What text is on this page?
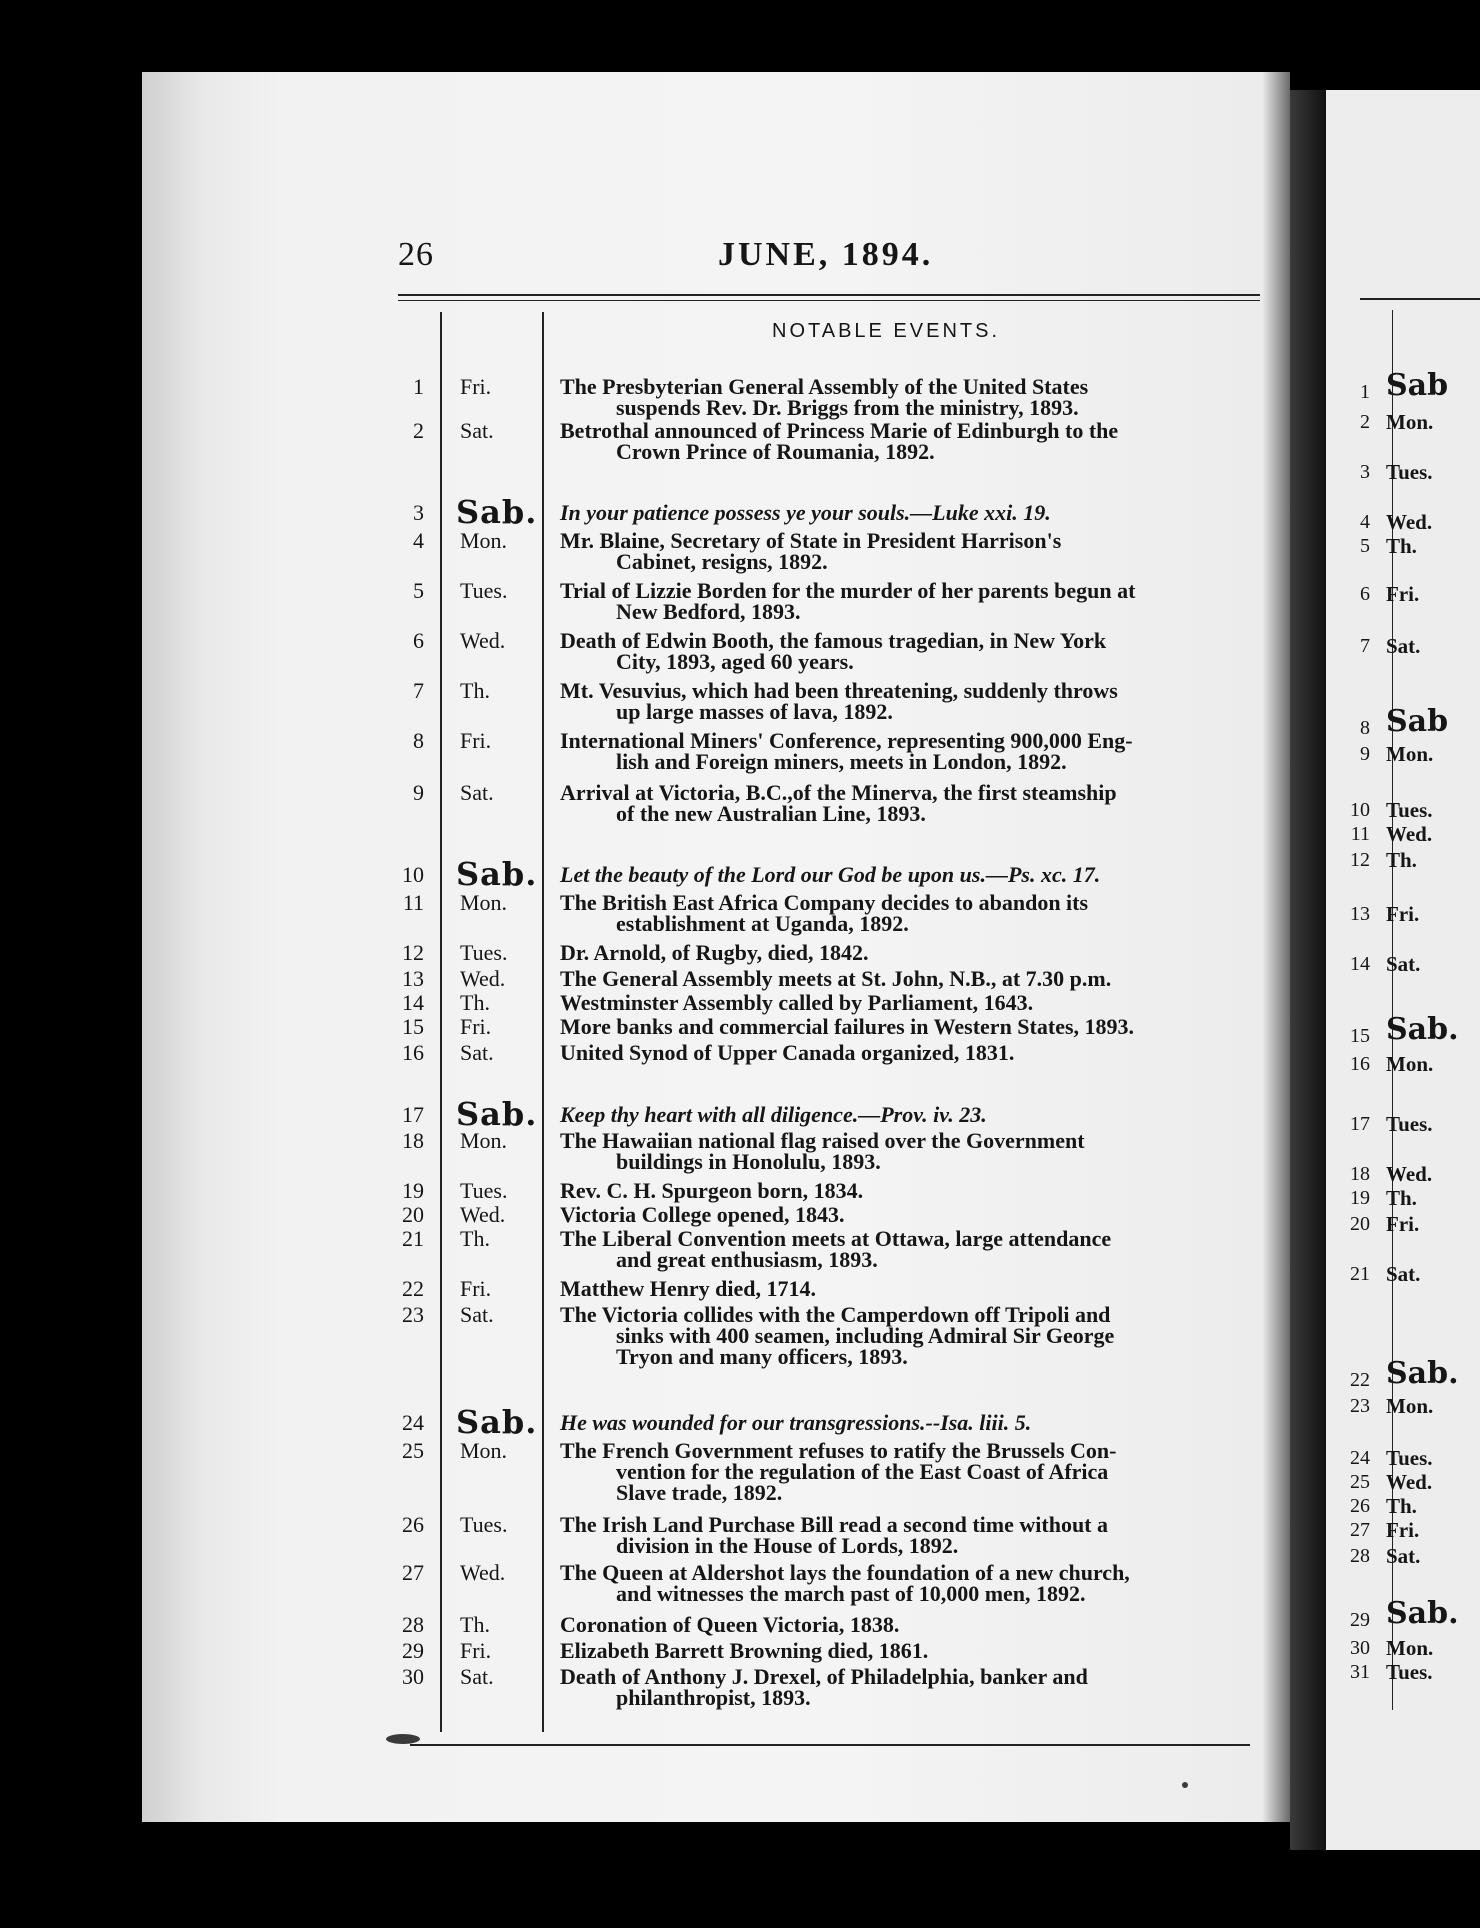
26	JUNE, 1894.
NOTABLE EVENTS.
1 Fri.	The Presbyterian General Assembly of the United States
suspends Rev. Dr. Briggs from the ministry, 1893.
2 Sat.	Betrothal announced of Princess Marie of Edinburgh to the
Crown Prince of Roumania, 1892.
3 Sab. In your patience possess ye your souls.—Luke xxi. 19.
4 Mon. Mr. Blaine, Secretary of State in President Harrison's
Cabinet, resigns, 1892.
5 Tues. Trial of Lizzie Borden for the murder of her parents begun at
New Bedford, 1893.
6 Wed. Death of Edwin Booth, the famous tragedian, in New York
City, 1893, aged 60 years.
7 Th.	Mt. Vesuvius, which had been threatening, suddenly throws
up large masses of lava, 1892.
8 Fri.	International Miners' Conference, representing 900,000 Eng-
lish and Foreign miners, meets in London, 1892.
9 Sat.	Arrival at Victoria, B.C.,of the Minerva, the first steamship
of the new Australian Line, 1893.
10 Sab. Let the beauty of the Lord our God be upon us.—Ps. xc. 17.
11 Mon. The British East Africa Company decides to abandon its
establishment at Uganda, 1892.
12 Tues. Dr. Arnold, of Rugby, died, 1842.
13 Wed. The General Assembly meets at St. John, N.B., at 7.30 p.m.
14 Th.	Westminster Assembly called by Parliament, 1643.
15 Fri.	More banks and commercial failures in Western States, 1893.
16 Sat.	United Synod of Upper Canada organized, 1831.
17 Sab. Keep thy heart with all diligence.—Prov. iv. 23.
18 Mon. The Hawaiian national flag raised over the Government
buildings in Honolulu, 1893.
19 Tues. Rev. C. H. Spurgeon born, 1834.
20 Wed. Victoria College opened, 1843.
21 Th.	The Liberal Convention meets at Ottawa, large attendance
and great enthusiasm, 1893.
22 Fri.	Matthew Henry died, 1714.
23 Sat.	The Victoria collides with the Camperdown off Tripoli and
sinks with 400 seamen, including Admiral Sir George
Tryon and many officers, 1893.
24 Sab. He was wounded for our transgressions.--Isa. liii. 5.
25 Mon. The French Government refuses to ratify the Brussels Con-
vention for the regulation of the East Coast of Africa
Slave trade, 1892.
26 Tues. The Irish Land Purchase Bill read a second time without a
division in the House of Lords, 1892.
27 Wed. The Queen at Aldershot lays the foundation of a new church,
and witnesses the march past of 10,000 men, 1892.
28 Th.	Coronation of Queen Victoria, 1838.
29 Fri.	Elizabeth Barrett Browning died, 1861.
30 Sat.	Death of Anthony J. Drexel, of Philadelphia, banker and
philanthropist, 1893.
1 Sab
2 Mon.
3 Tues.
4 Wed.
5 Th.
6 Fri.
7 Sat.
8 Sab
9 Mon.
10 Tues.
11 Wed.
12 Th.
13 Fri.
14 Sat.
15 Sab.
16 Mon.
17 Tues.
18 Wed.
19 Th.
20 Fri.
21 Sat.
22 Sab.
23 Mon.
24 Tues.
25 Wed.
26 Th.
27 Fri.
28 Sat.
29 Sab.
30 Mon.
31 Tues.
